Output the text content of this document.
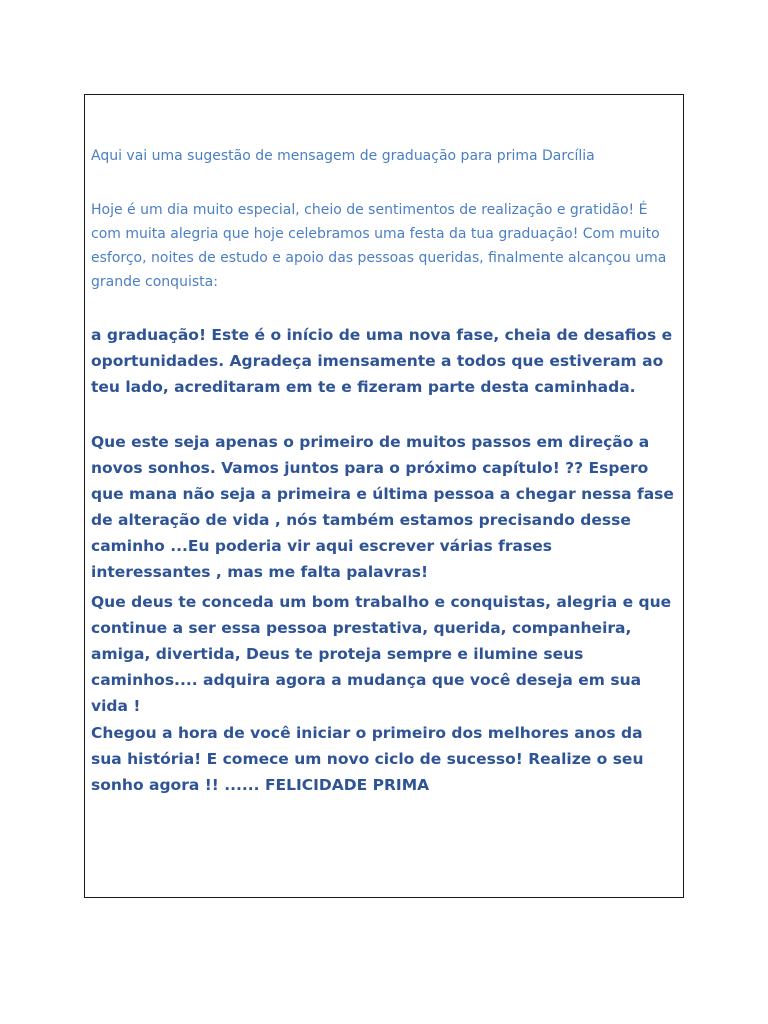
Aqui vai uma sugestão de mensagem de graduação para prima Darcília

Hoje é um dia muito especial, cheio de sentimentos de realização e gratidão! É com muita alegria que hoje celebramos uma festa da tua graduação! Com muito esforço, noites de estudo e apoio das pessoas queridas, finalmente alcançou uma grande conquista:

a graduação! Este é o início de uma nova fase, cheia de desafios e oportunidades. Agradeça imensamente a todos que estiveram ao teu lado, acreditaram em te e fizeram parte desta caminhada.

Que este seja apenas o primeiro de muitos passos em direção a novos sonhos. Vamos juntos para o próximo capítulo! ?? Espero que mana não seja a primeira e última pessoa a chegar nessa fase de alteração de vida , nós também estamos precisando desse caminho ...Eu poderia vir aqui escrever várias frases interessantes , mas me falta palavras!

Que deus te conceda um bom trabalho e conquistas, alegria e que continue a ser essa pessoa prestativa, querida, companheira, amiga, divertida, Deus te proteja sempre e ilumine seus caminhos.... adquira agora a mudança que você deseja em sua vida !

Chegou a hora de você iniciar o primeiro dos melhores anos da sua história! E comece um novo ciclo de sucesso! Realize o seu sonho agora !! ...... FELICIDADE PRIMA
